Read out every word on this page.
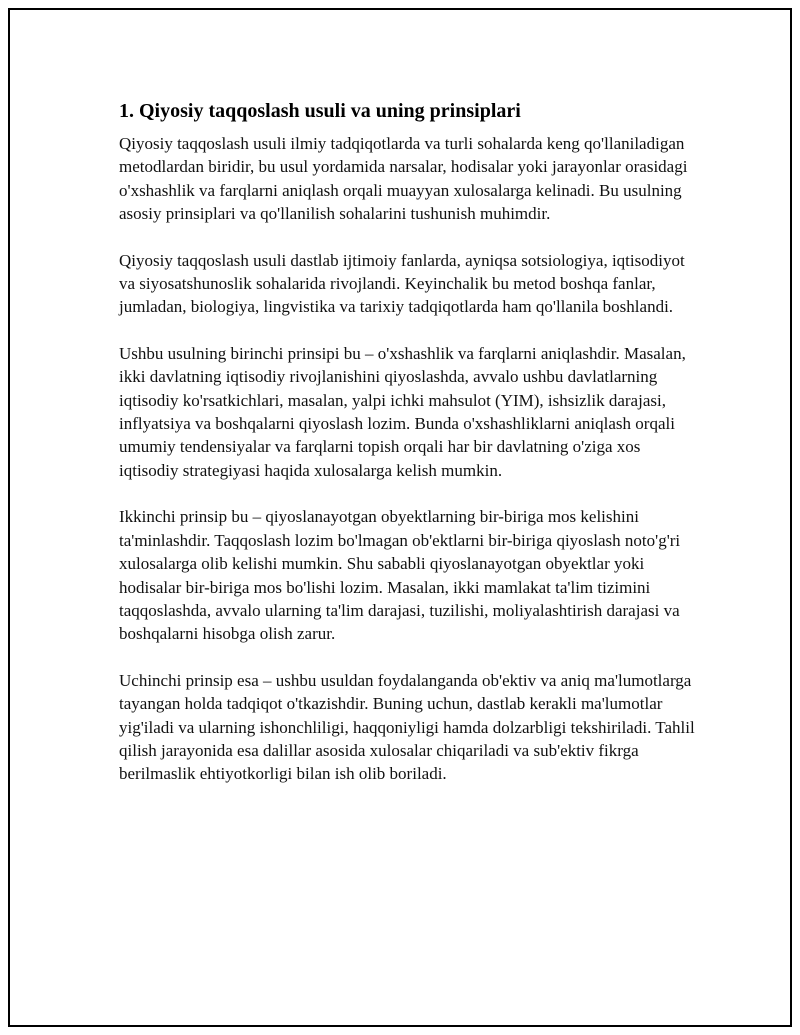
1. Qiyosiy taqqoslash usuli va uning prinsiplari

Qiyosiy taqqoslash usuli ilmiy tadqiqotlarda va turli sohalarda keng qo'llaniladigan metodlardan biridir, bu usul yordamida narsalar, hodisalar yoki jarayonlar orasidagi o'xshashlik va farqlarni aniqlash orqali muayyan xulosalarga kelinadi. Bu usulning asosiy prinsiplari va qo'llanilish sohalarini tushunish muhimdir.

Qiyosiy taqqoslash usuli dastlab ijtimoiy fanlarda, ayniqsa sotsiologiya, iqtisodiyot va siyosatshunoslik sohalarida rivojlandi. Keyinchalik bu metod boshqa fanlar, jumladan, biologiya, lingvistika va tarixiy tadqiqotlarda ham qo'llanila boshlandi.

Ushbu usulning birinchi prinsipi bu – o'xshashlik va farqlarni aniqlashdir. Masalan, ikki davlatning iqtisodiy rivojlanishini qiyoslashda, avvalo ushbu davlatlarning iqtisodiy ko'rsatkichlari, masalan, yalpi ichki mahsulot (YIM), ishsizlik darajasi, inflyatsiya va boshqalarni qiyoslash lozim. Bunda o'xshashliklarni aniqlash orqali umumiy tendensiyalar va farqlarni topish orqali har bir davlatning o'ziga xos iqtisodiy strategiyasi haqida xulosalarga kelish mumkin.

Ikkinchi prinsip bu – qiyoslanayotgan obyektlarning bir-biriga mos kelishini ta'minlashdir. Taqqoslash lozim bo'lmagan ob'ektlarni bir-biriga qiyoslash noto'g'ri xulosalarga olib kelishi mumkin. Shu sababli qiyoslanayotgan obyektlar yoki hodisalar bir-biriga mos bo'lishi lozim. Masalan, ikki mamlakat ta'lim tizimini taqqoslashda, avvalo ularning ta'lim darajasi, tuzilishi, moliyalashtirish darajasi va boshqalarni hisobga olish zarur.

Uchinchi prinsip esa – ushbu usuldan foydalanganda ob'ektiv va aniq ma'lumotlarga tayangan holda tadqiqot o'tkazishdir. Buning uchun, dastlab kerakli ma'lumotlar yig'iladi va ularning ishonchliligi, haqqoniyligi hamda dolzarbligi tekshiriladi. Tahlil qilish jarayonida esa dalillar asosida xulosalar chiqariladi va sub'ektiv fikrga berilmaslik ehtiyotkorligi bilan ish olib boriladi.
